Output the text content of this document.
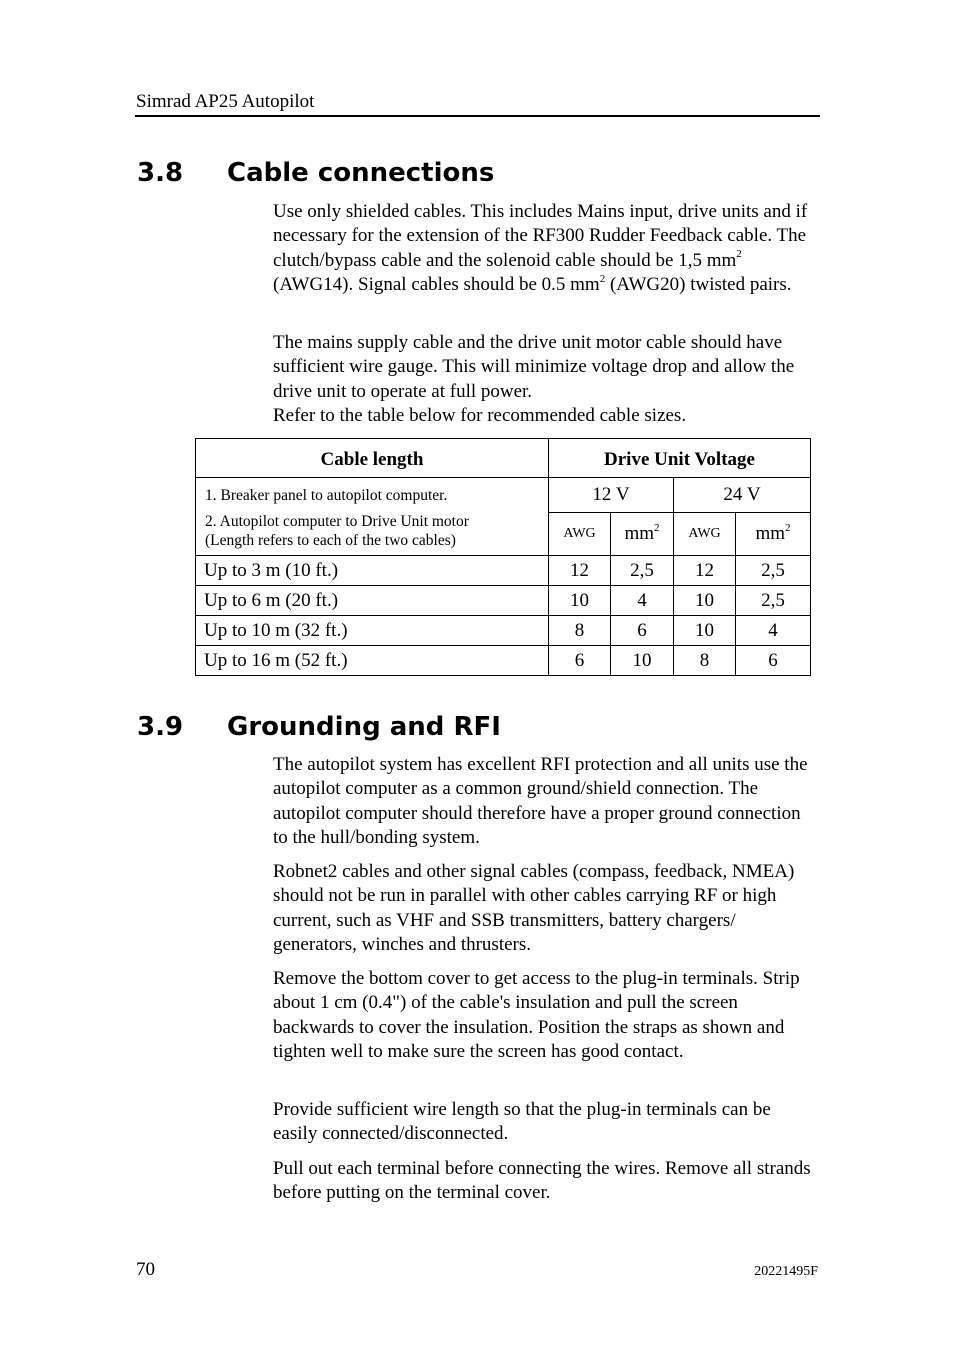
Simrad AP25 Autopilot
3.8 Cable connections

Use only shielded cables. This includes Mains input, drive units and if necessary for the extension of the RF300 Rudder Feedback cable. The clutch/bypass cable and the solenoid cable should be 1,5 $mm^2$ (AWG14). Signal cables should be 0.5 $mm^2$ (AWG20) twisted pairs.

The mains supply cable and the drive unit motor cable should have sufficient wire gauge. This will minimize voltage drop and allow the drive unit to operate at full power.

Refer to the table below for recommended cable sizes.

Cable length	Drive Unit Voltage			

1. Breaker panel to autopilot computer.
2. Autopilot computer to Drive Unit motor
(Length refers to each of the two cables)	12 V		24 V	
	AWG	$mm^2$	AWG	$mm^2$
Up to 3 m (10 ft.)	12	2,5	12	2,5
Up to 6 m (20 ft.)	10	4	10	2,5
Up to 10 m (32 ft.)	8	6	10	4
Up to 16 m (52 ft.)	6	10	8	6
3.9 Grounding and RFI
The autopilot system has excellent RFI protection and all units use the autopilot computer as a common ground/shield connection. The autopilot computer should therefore have a proper ground connection to the hull/bonding system.
Robnet2 cables and other signal cables (compass, feedback, NMEA) should not be run in parallel with other cables carrying RF or high current, such as VHF and SSB transmitters, battery chargers/ generators, winches and thrusters.
Remove the bottom cover to get access to the plug-in terminals. Strip about 1 cm (0.4") of the cable's insulation and pull the screen backwards to cover the insulation. Position the straps as shown and tighten well to make sure the screen has good contact.
Provide sufficient wire length so that the plug-in terminals can be easily connected/disconnected.
Pull out each terminal before connecting the wires. Remove all strands before putting on the terminal cover.
70	20221495F
